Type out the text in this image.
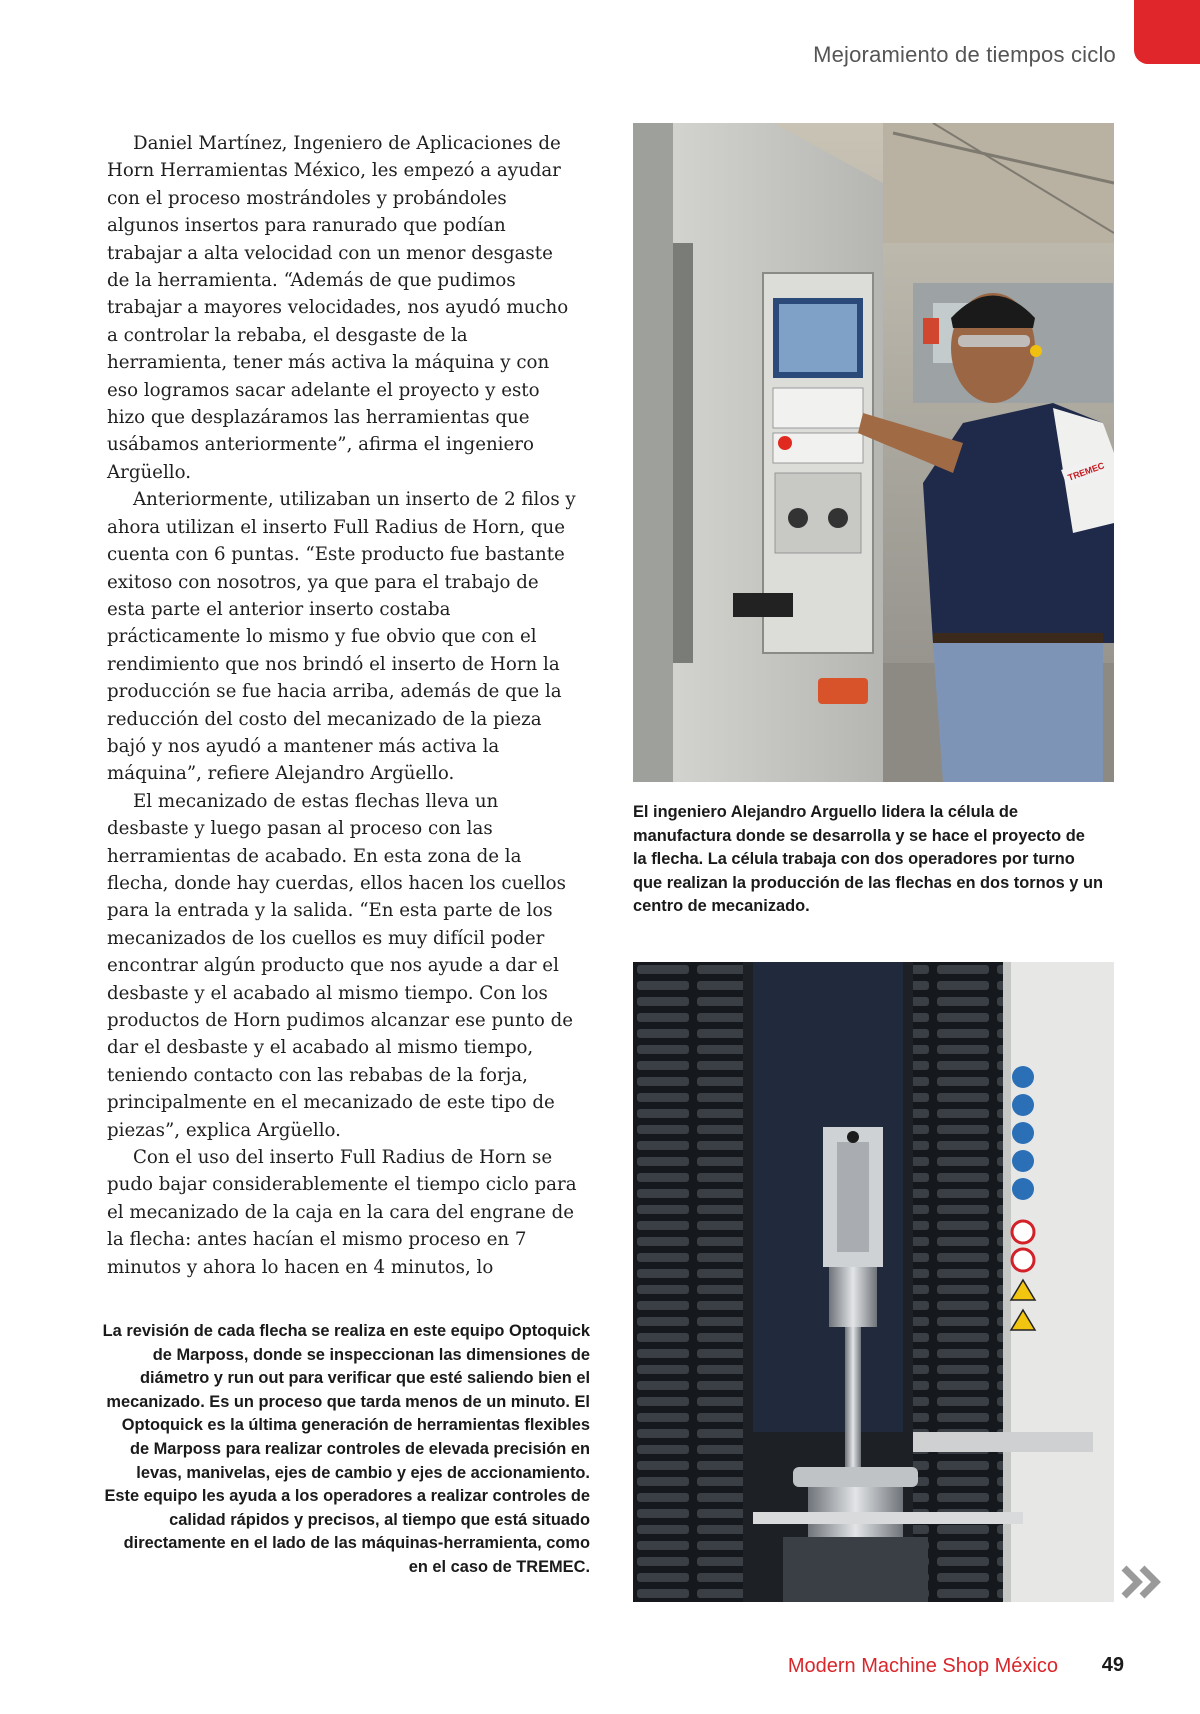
Mejoramiento de tiempos ciclo

Daniel Martínez, Ingeniero de Aplicaciones de Horn Herramientas México, les empezó a ayudar con el proceso mostrándoles y probándoles algunos insertos para ranurado que podían trabajar a alta velocidad con un menor desgaste de la herramienta. “Además de que pudimos trabajar a mayores velocidades, nos ayudó mucho a controlar la rebaba, el desgaste de la herramienta, tener más activa la máquina y con eso logramos sacar adelante el proyecto y esto hizo que desplazáramos las herramientas que usábamos anteriormente”, afirma el ingeniero Argüello.

Anteriormente, utilizaban un inserto de 2 filos y ahora utilizan el inserto Full Radius de Horn, que cuenta con 6 puntas. “Este producto fue bastante exitoso con nosotros, ya que para el trabajo de esta parte el anterior inserto costaba prácticamente lo mismo y fue obvio que con el rendimiento que nos brindó el inserto de Horn la producción se fue hacia arriba, además de que la reducción del costo del mecanizado de la pieza bajó y nos ayudó a mantener más activa la máquina”, refiere Alejandro Argüello.

El mecanizado de estas flechas lleva un desbaste y luego pasan al proceso con las herramientas de acabado. En esta zona de la flecha, donde hay cuerdas, ellos hacen los cuellos para la entrada y la salida. “En esta parte de los mecanizados de los cuellos es muy difícil poder encontrar algún producto que nos ayude a dar el desbaste y el acabado al mismo tiempo. Con los productos de Horn pudimos alcanzar ese punto de dar el desbaste y el acabado al mismo tiempo, teniendo contacto con las rebabas de la forja, principalmente en el mecanizado de este tipo de piezas”, explica Argüello.

Con el uso del inserto Full Radius de Horn se pudo bajar considerablemente el tiempo ciclo para el mecanizado de la caja en la cara del engrane de la flecha: antes hacían el mismo proceso en 7 minutos y ahora lo hacen en 4 minutos, lo

TREMEC
El ingeniero Alejandro Arguello lidera la célula de manufactura donde se desarrolla y se hace el proyecto de la flecha. La célula trabaja con dos operadores por turno que realizan la producción de las flechas en dos tornos y un centro de mecanizado.
La revisión de cada flecha se realiza en este equipo Optoquick de Marposs, donde se inspeccionan las dimensiones de diámetro y run out para verificar que esté saliendo bien el mecanizado. Es un proceso que tarda menos de un minuto. El Optoquick es la última generación de herramientas flexibles de Marposs para realizar controles de elevada precisión en levas, manivelas, ejes de cambio y ejes de accionamiento. Este equipo les ayuda a los operadores a realizar controles de calidad rápidos y precisos, al tiempo que está situado directamente en el lado de las máquinas-herramienta, como en el caso de TREMEC.
Modern Machine Shop México 49
